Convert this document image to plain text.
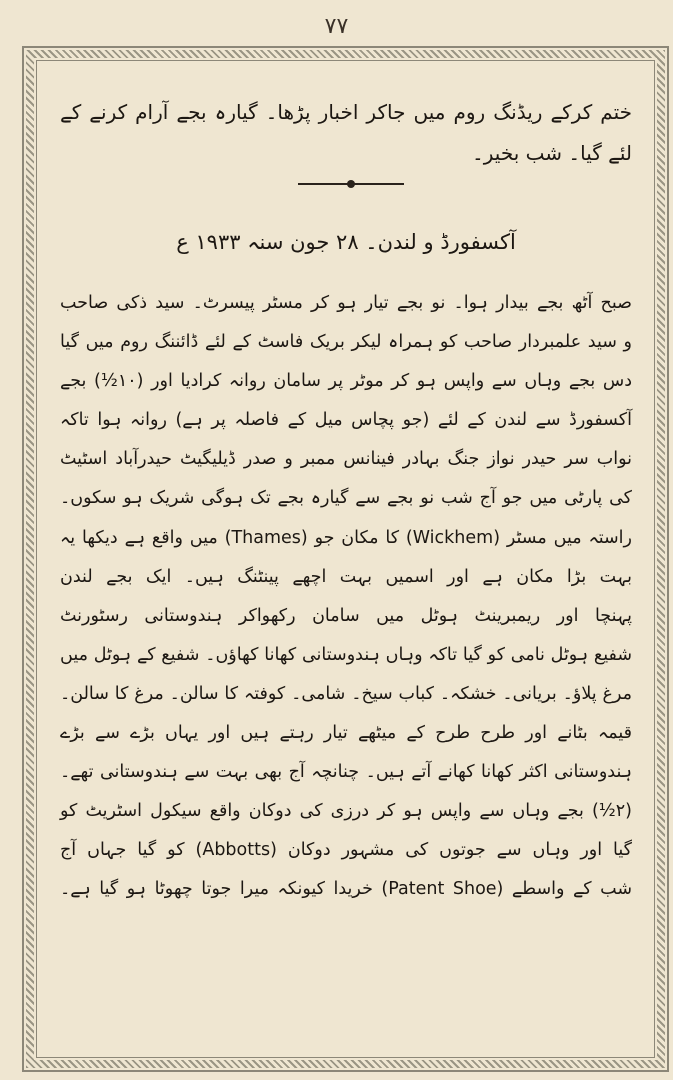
۷۷
ختم کرکے ریڈنگ روم میں جاکر اخبار پڑھا۔ گیارہ بجے آرام کرنے کے
لئے گیا۔ شب بخیر۔
آکسفورڈ و لندن۔ ۲۸ جون سنہ ۱۹۳۳ ع
صبح آٹھ بجے بیدار ہوا۔ نو بجے تیار ہو کر مسٹر پیسرٹ۔ سید ذکی صاحب
و سید علمبردار صاحب کو ہمراہ لیکر بریک فاسٹ کے لئے ڈائننگ روم میں گیا
دس بجے وہاں سے واپس ہو کر موٹر پر سامان روانہ کرادیا اور (۱۰½) بجے
آکسفورڈ سے لندن کے لئے (جو پچاس میل کے فاصلہ پر ہے) روانہ ہوا تاکہ
نواب سر حیدر نواز جنگ بہادر فینانس ممبر و صدر ڈیلیگیٹ حیدرآباد اسٹیٹ
کی پارٹی میں جو آج شب نو بجے سے گیارہ بجے تک ہوگی شریک ہو سکوں۔
راستہ میں مسٹر (Wickhem) کا مکان جو (Thames) میں واقع ہے دیکھا یہ
بہت بڑا مکان ہے اور اسمیں بہت اچھے پینٹنگ ہیں۔ ایک بجے لندن
پہنچا اور ریمبرینٹ ہوٹل میں سامان رکھواکر ہندوستانی رسٹورنٹ
شفیع ہوٹل نامی کو گیا تاکہ وہاں ہندوستانی کھانا کھاؤں۔ شفیع کے ہوٹل میں
مرغ پلاؤ۔ بریانی۔ خشکہ۔ کباب سیخ۔ شامی۔ کوفتہ کا سالن۔ مرغ کا سالن۔
قیمہ بٹانے اور طرح طرح کے میٹھے تیار رہتے ہیں اور یہاں بڑے سے بڑے
ہندوستانی اکثر کھانا کھانے آتے ہیں۔ چنانچہ آج بھی بہت سے ہندوستانی تھے۔
(۲½) بجے وہاں سے واپس ہو کر درزی کی دوکان واقع سیکول اسٹریٹ کو
گیا اور وہاں سے جوتوں کی مشہور دوکان (Abbotts) کو گیا جہاں آج
شب کے واسطے (Patent Shoe) خریدا کیونکہ میرا جوتا چھوٹا ہو گیا ہے۔
